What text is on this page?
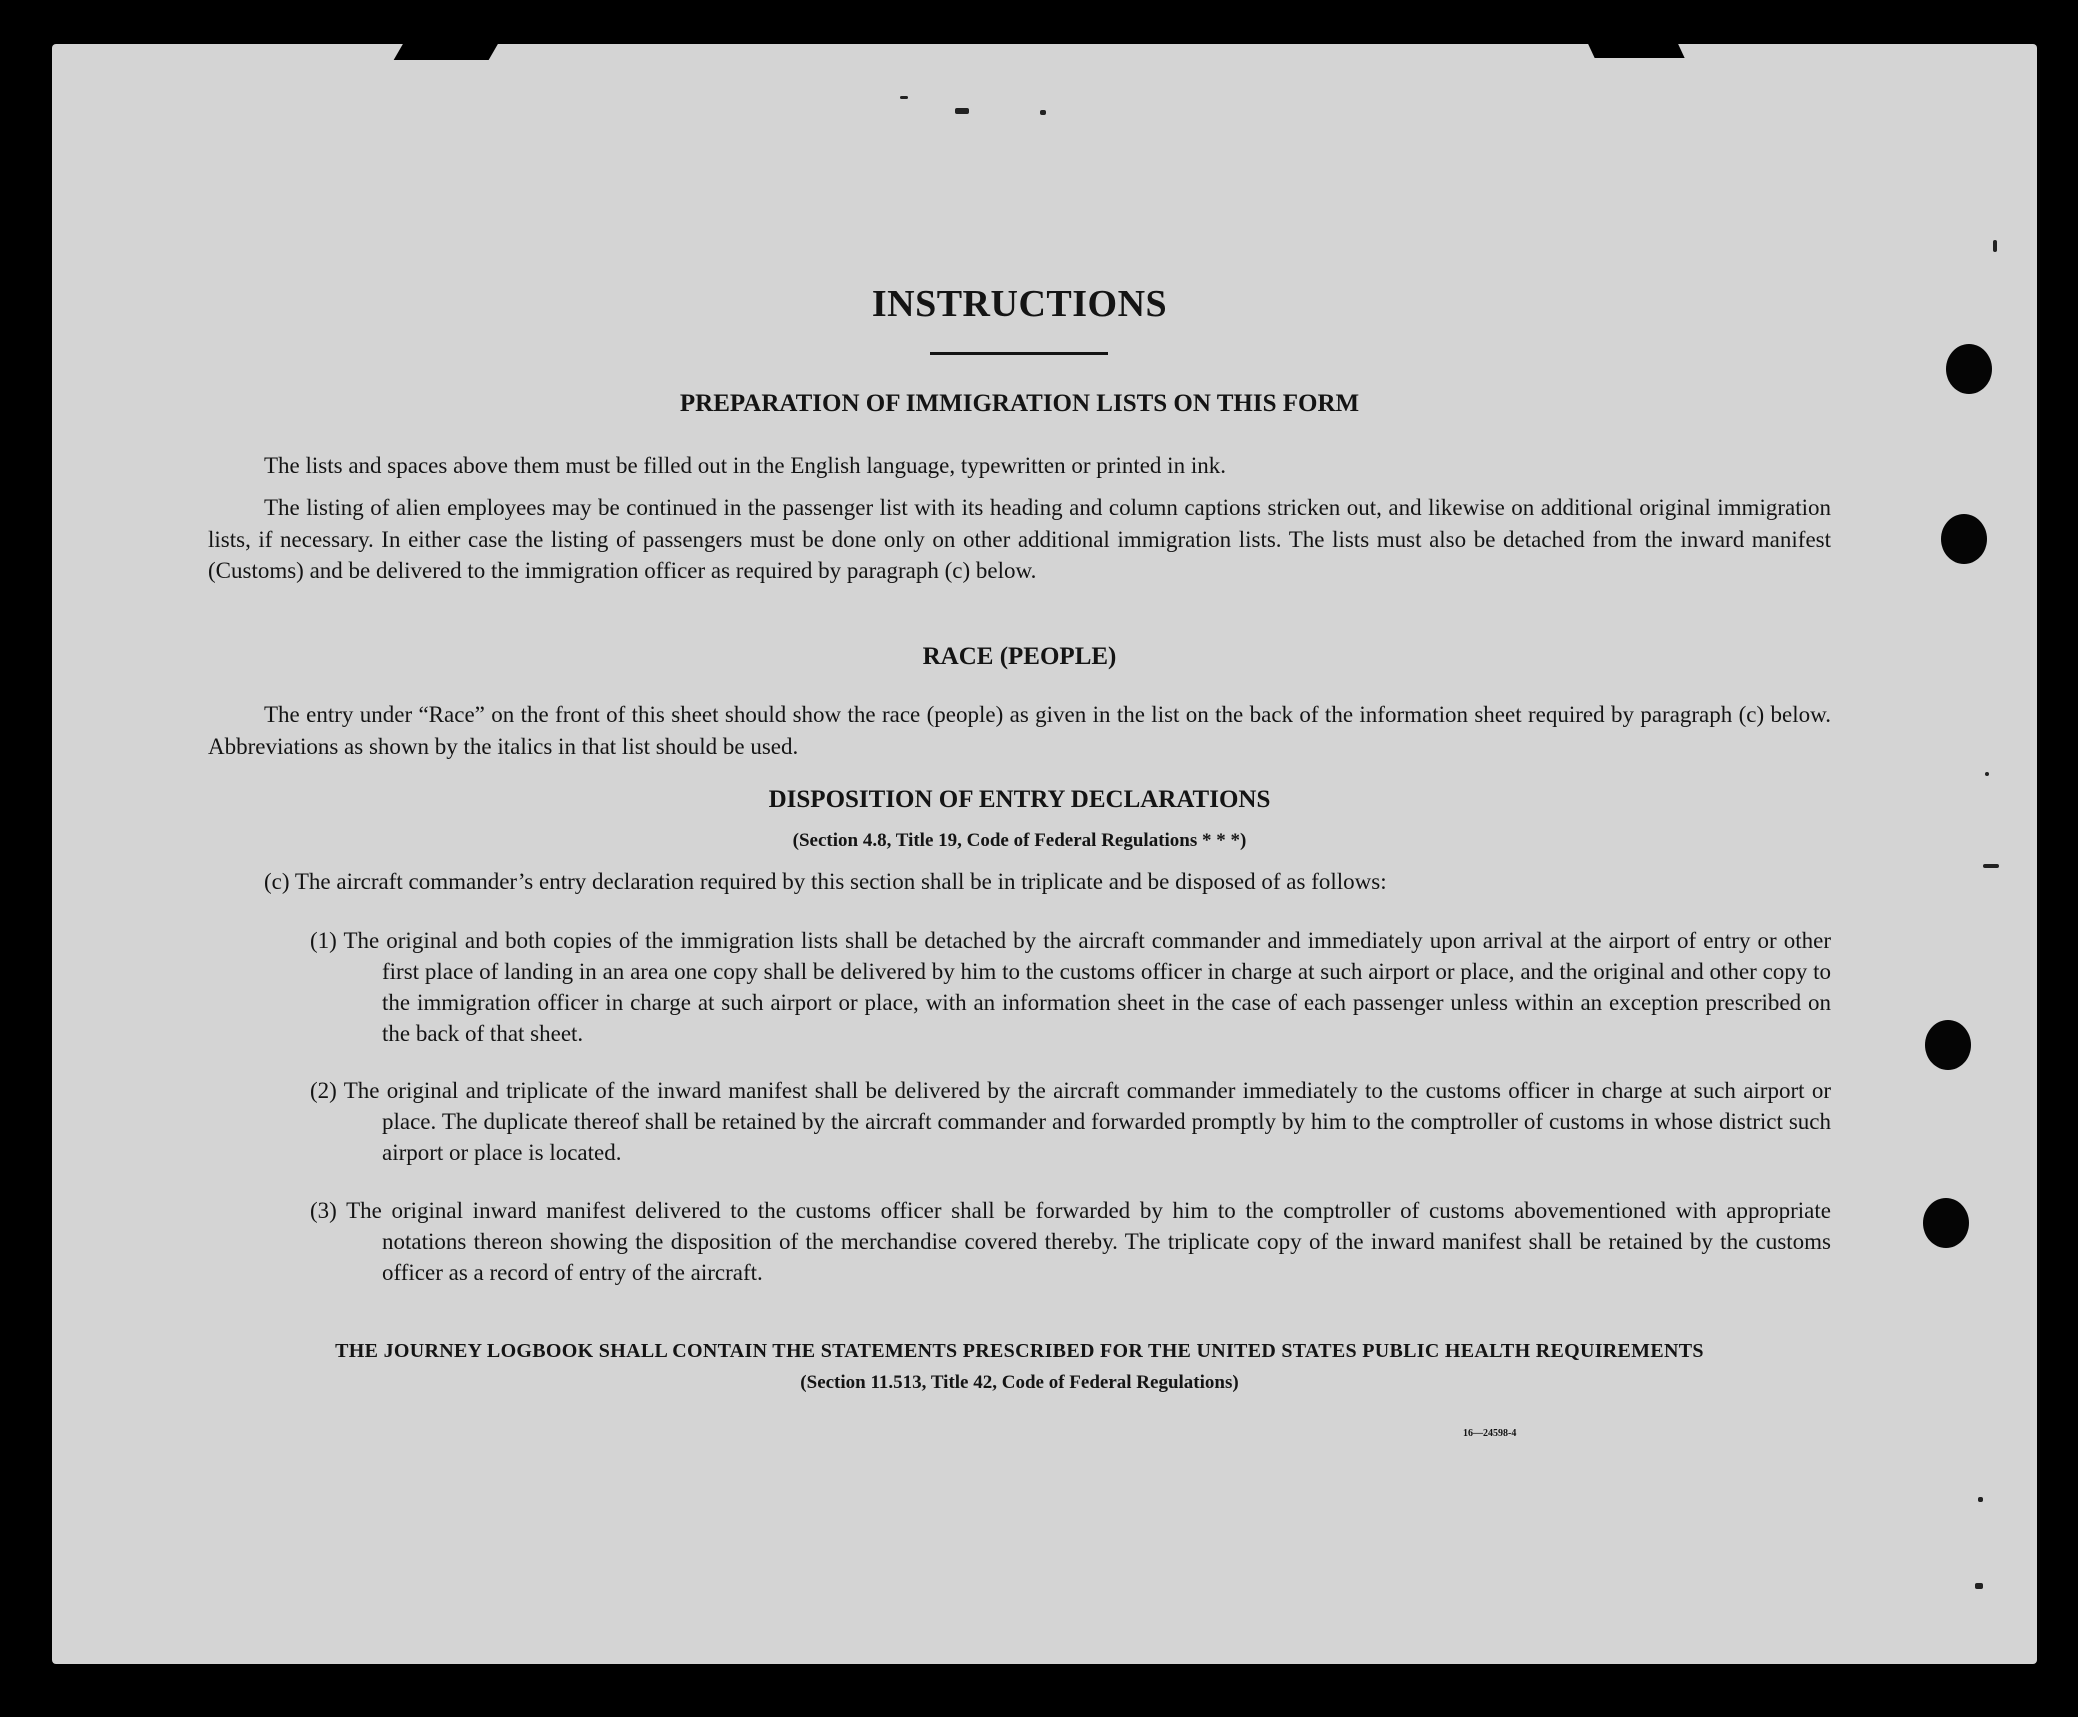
INSTRUCTIONS
PREPARATION OF IMMIGRATION LISTS ON THIS FORM

The lists and spaces above them must be filled out in the English language, typewritten or printed in ink.

The listing of alien employees may be continued in the passenger list with its heading and column captions stricken out, and likewise on additional original immigration lists, if necessary. In either case the listing of passengers must be done only on other additional immigration lists. The lists must also be detached from the inward manifest (Customs) and be delivered to the immigration officer as required by paragraph (c) below.

RACE (PEOPLE)

The entry under “Race” on the front of this sheet should show the race (people) as given in the list on the back of the information sheet required by paragraph (c) below. Abbreviations as shown by the italics in that list should be used.

DISPOSITION OF ENTRY DECLARATIONS

(Section 4.8, Title 19, Code of Federal Regulations * * *)

(c) The aircraft commander’s entry declaration required by this section shall be in triplicate and be disposed of as follows:

(1) The original and both copies of the immigration lists shall be detached by the aircraft commander and immediately upon arrival at the airport of entry or other first place of landing in an area one copy shall be delivered by him to the customs officer in charge at such airport or place, and the original and other copy to the immigration officer in charge at such airport or place, with an information sheet in the case of each passenger unless within an exception prescribed on the back of that sheet.

(2) The original and triplicate of the inward manifest shall be delivered by the aircraft commander immediately to the customs officer in charge at such airport or place. The duplicate thereof shall be retained by the aircraft commander and forwarded promptly by him to the comptroller of customs in whose district such airport or place is located.

(3) The original inward manifest delivered to the customs officer shall be forwarded by him to the comptroller of customs abovementioned with appropriate notations thereon showing the disposition of the merchandise covered thereby. The triplicate copy of the inward manifest shall be retained by the customs officer as a record of entry of the aircraft.

THE JOURNEY LOGBOOK SHALL CONTAIN THE STATEMENTS PRESCRIBED FOR THE UNITED STATES PUBLIC HEALTH REQUIREMENTS

(Section 11.513, Title 42, Code of Federal Regulations)

16—24598-4
